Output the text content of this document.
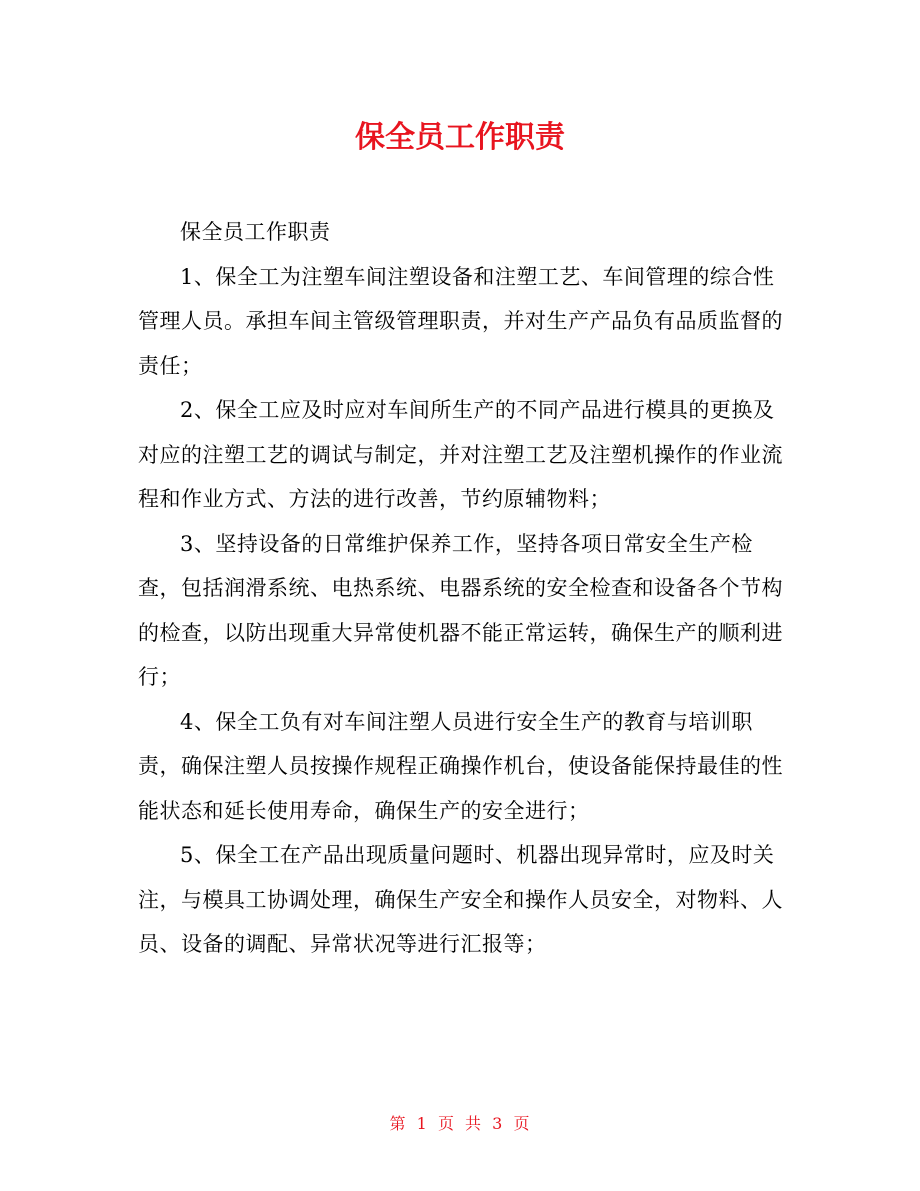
保全员工作职责

保全员工作职责

1、保全工为注塑车间注塑设备和注塑工艺、车间管理的综合性管理人员。承担车间主管级管理职责，并对生产产品负有品质监督的责任；

2、保全工应及时应对车间所生产的不同产品进行模具的更换及对应的注塑工艺的调试与制定，并对注塑工艺及注塑机操作的作业流程和作业方式、方法的进行改善，节约原辅物料；

3、坚持设备的日常维护保养工作，坚持各项日常安全生产检查，包括润滑系统、电热系统、电器系统的安全检查和设备各个节构的检查，以防出现重大异常使机器不能正常运转，确保生产的顺利进行；

4、保全工负有对车间注塑人员进行安全生产的教育与培训职责，确保注塑人员按操作规程正确操作机台，使设备能保持最佳的性能状态和延长使用寿命，确保生产的安全进行；

5、保全工在产品出现质量问题时、机器出现异常时，应及时关注，与模具工协调处理，确保生产安全和操作人员安全，对物料、人员、设备的调配、异常状况等进行汇报等；

第 1 页 共 3 页
